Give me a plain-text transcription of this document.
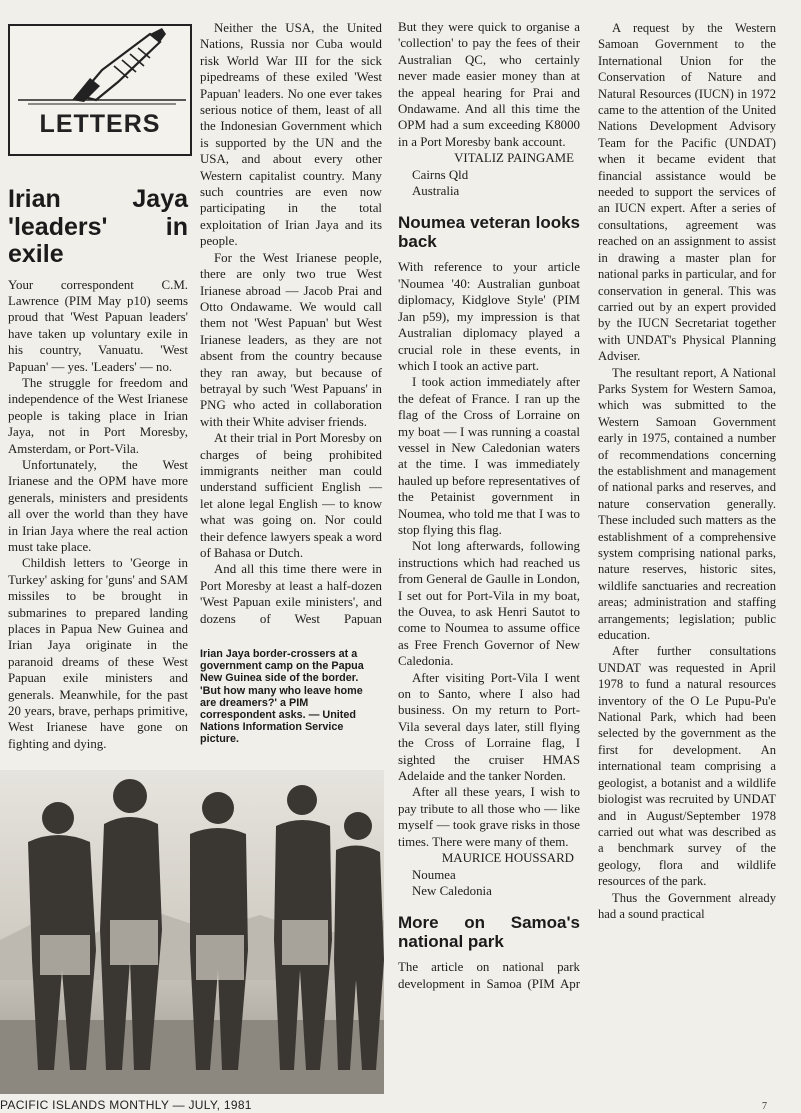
LETTERS
Irian Jaya 'leaders' in exile

Your correspondent C.M. Lawrence (PIM May p10) seems proud that 'West Papuan leaders' have taken up voluntary exile in his country, Vanuatu. 'West Papuan' — yes. 'Leaders' — no.

The struggle for freedom and independence of the West Irianese people is taking place in Irian Jaya, not in Port Moresby, Amsterdam, or Port-Vila.

Unfortunately, the West Irianese and the OPM have more generals, ministers and presidents all over the world than they have in Irian Jaya where the real action must take place.

Childish letters to 'George in Turkey' asking for 'guns' and SAM missiles to be brought in submarines to prepared landing places in Papua New Guinea and Irian Jaya originate in the paranoid dreams of these West Papuan exile ministers and generals. Meanwhile, for the past 20 years, brave, perhaps primitive, West Irianese have gone on fighting and dying.

Neither the USA, the United Nations, Russia nor Cuba would risk World War III for the sick pipedreams of these exiled 'West Papuan' leaders. No one ever takes serious notice of them, least of all the Indonesian Government which is supported by the UN and the USA, and about every other Western capitalist country. Many such countries are even now participating in the total exploitation of Irian Jaya and its people.

For the West Irianese people, there are only two true West Irianese abroad — Jacob Prai and Otto Ondawame. We would call them not 'West Papuan' but West Irianese leaders, as they are not absent from the country because they ran away, but because of betrayal by such 'West Papuans' in PNG who acted in collaboration with their White adviser friends.

At their trial in Port Moresby on charges of being prohibited immigrants neither man could understand sufficient English — let alone legal English — to know what was going on. Nor could their defence lawyers speak a word of Bahasa or Dutch.

And all this time there were in Port Moresby at least a half-dozen 'West Papuan exile ministers', and dozens of West Papuan

Irian Jaya border-crossers at a government camp on the Papua New Guinea side of the border. 'But how many who leave home are dreamers?' a PIM correspondent asks. — United Nations Information Service picture.

But they were quick to organise a 'collection' to pay the fees of their Australian QC, who certainly never made easier money than at the appeal hearing for Prai and Ondawame. And all this time the OPM had a sum exceeding K8000 in a Port Moresby bank account.

VITALIZ PAINGAME

Cairns Qld

Australia

Noumea veteran looks back

With reference to your article 'Noumea '40: Australian gunboat diplomacy, Kidglove Style' (PIM Jan p59), my impression is that Australian diplomacy played a crucial role in these events, in which I took an active part.

I took action immediately after the defeat of France. I ran up the flag of the Cross of Lorraine on my boat — I was running a coastal vessel in New Caledonian waters at the time. I was immediately hauled up before representatives of the Petainist government in Noumea, who told me that I was to stop flying this flag.

Not long afterwards, following instructions which had reached us from General de Gaulle in London, I set out for Port-Vila in my boat, the Ouvea, to ask Henri Sautot to come to Noumea to assume office as Free French Governor of New Caledonia.

After visiting Port-Vila I went on to Santo, where I also had business. On my return to Port-Vila several days later, still flying the Cross of Lorraine flag, I sighted the cruiser HMAS Adelaide and the tanker Norden.

After all these years, I wish to pay tribute to all those who — like myself — took grave risks in those times. There were many of them.

MAURICE HOUSSARD

Noumea

New Caledonia

More on Samoa's national park

The article on national park development in Samoa (PIM Apr

A request by the Western Samoan Government to the International Union for the Conservation of Nature and Natural Resources (IUCN) in 1972 came to the attention of the United Nations Development Advisory Team for the Pacific (UNDAT) when it became evident that financial assistance would be needed to support the services of an IUCN expert. After a series of consultations, agreement was reached on an assignment to assist in drawing a master plan for national parks in particular, and for conservation in general. This was carried out by an expert provided by the IUCN Secretariat together with UNDAT's Physical Planning Adviser.

The resultant report, A National Parks System for Western Samoa, which was submitted to the Western Samoan Government early in 1975, contained a number of recommendations concerning the establishment and management of national parks and reserves, and nature conservation generally. These included such matters as the establishment of a comprehensive system comprising national parks, nature reserves, historic sites, wildlife sanctuaries and recreation areas; administration and staffing arrangements; legislation; public education.

After further consultations UNDAT was requested in April 1978 to fund a natural resources inventory of the O Le Pupu-Pu'e National Park, which had been selected by the government as the first for development. An international team comprising a geologist, a botanist and a wildlife biologist was recruited by UNDAT and in August/September 1978 carried out what was described as a benchmark survey of the geology, flora and wildlife resources of the park.

Thus the Government already had a sound practical

PACIFIC ISLANDS MONTHLY — JULY, 1981	7
